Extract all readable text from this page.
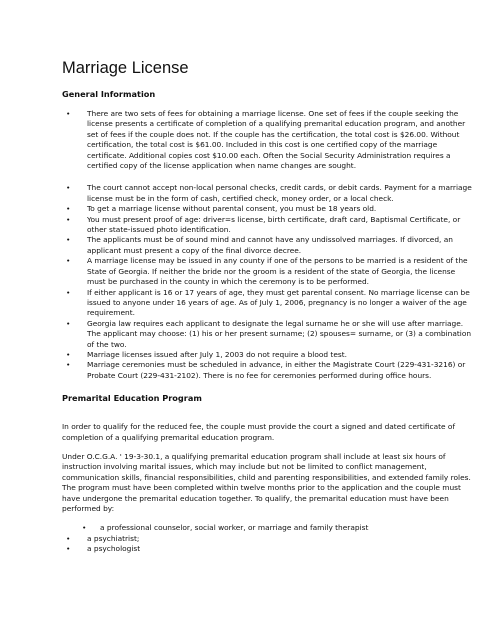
Marriage License
General Information
• There are two sets of fees for obtaining a marriage license. One set of fees if the couple seeking the license presents a certificate of completion of a qualifying premarital education program, and another set of fees if the couple does not. If the couple has the certification, the total cost is $26.00. Without certification, the total cost is $61.00. Included in this cost is one certified copy of the marriage certificate. Additional copies cost $10.00 each. Often the Social Security Administration requires a certified copy of the license application when name changes are sought.
• The court cannot accept non-local personal checks, credit cards, or debit cards. Payment for a marriage license must be in the form of cash, certified check, money order, or a local check.
• To get a marriage license without parental consent, you must be 18 years old.
• You must present proof of age: driver=s license, birth certificate, draft card, Baptismal Certificate, or other state-issued photo identification.
• The applicants must be of sound mind and cannot have any undissolved marriages. If divorced, an applicant must present a copy of the final divorce decree.
• A marriage license may be issued in any county if one of the persons to be married is a resident of the State of Georgia. If neither the bride nor the groom is a resident of the state of Georgia, the license must be purchased in the county in which the ceremony is to be performed.
• If either applicant is 16 or 17 years of age, they must get parental consent. No marriage license can be issued to anyone under 16 years of age. As of July 1, 2006, pregnancy is no longer a waiver of the age requirement.
• Georgia law requires each applicant to designate the legal surname he or she will use after marriage. The applicant may choose: (1) his or her present surname; (2) spouses= surname, or (3) a combination of the two.
• Marriage licenses issued after July 1, 2003 do not require a blood test.
• Marriage ceremonies must be scheduled in advance, in either the Magistrate Court (229-431-3216) or Probate Court (229-431-2102). There is no fee for ceremonies performed during office hours.
Premarital Education Program

In order to qualify for the reduced fee, the couple must provide the court a signed and dated certificate of completion of a qualifying premarital education program.

Under O.C.G.A. ' 19-3-30.1, a qualifying premarital education program shall include at least six hours of instruction involving marital issues, which may include but not be limited to conflict management, communication skills, financial responsibilities, child and parenting responsibilities, and extended family roles. The program must have been completed within twelve months prior to the application and the couple must have undergone the premarital education together. To qualify, the premarital education must have been performed by:

• a professional counselor, social worker, or marriage and family therapist
• a psychiatrist;
• a psychologist
